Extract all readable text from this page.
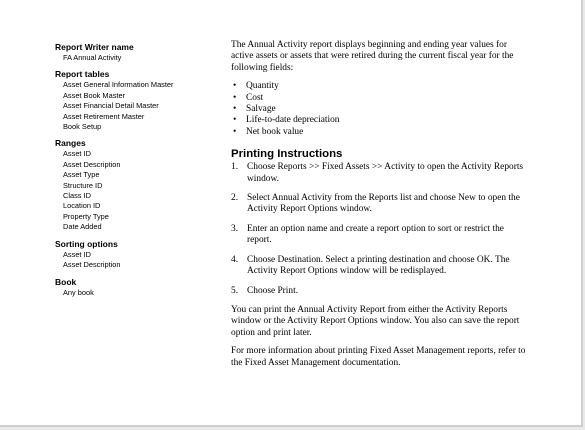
Report Writer name

FA Annual Activity

Report tables

Asset General Information Master

Asset Book Master

Asset Financial Detail Master

Asset Retirement Master

Book Setup

Ranges

Asset ID

Asset Description

Asset Type

Structure ID

Class ID

Location ID

Property Type

Date Added

Sorting options

Asset ID

Asset Description

Book

Any book

The Annual Activity report displays beginning and ending year values for active assets or assets that were retired during the current fiscal year for the following fields:

• Quantity
• Cost
• Salvage
• Life-to-date depreciation
• Net book value
Printing Instructions
1. Choose Reports >> Fixed Assets >> Activity to open the Activity Reports window.
2. Select Annual Activity from the Reports list and choose New to open the Activity Report Options window.
3. Enter an option name and create a report option to sort or restrict the report.
4. Choose Destination. Select a printing destination and choose OK. The Activity Report Options window will be redisplayed.
5. Choose Print.

You can print the Annual Activity Report from either the Activity Reports window or the Activity Report Options window. You also can save the report option and print later.

For more information about printing Fixed Asset Management reports, refer to the Fixed Asset Management documentation.
